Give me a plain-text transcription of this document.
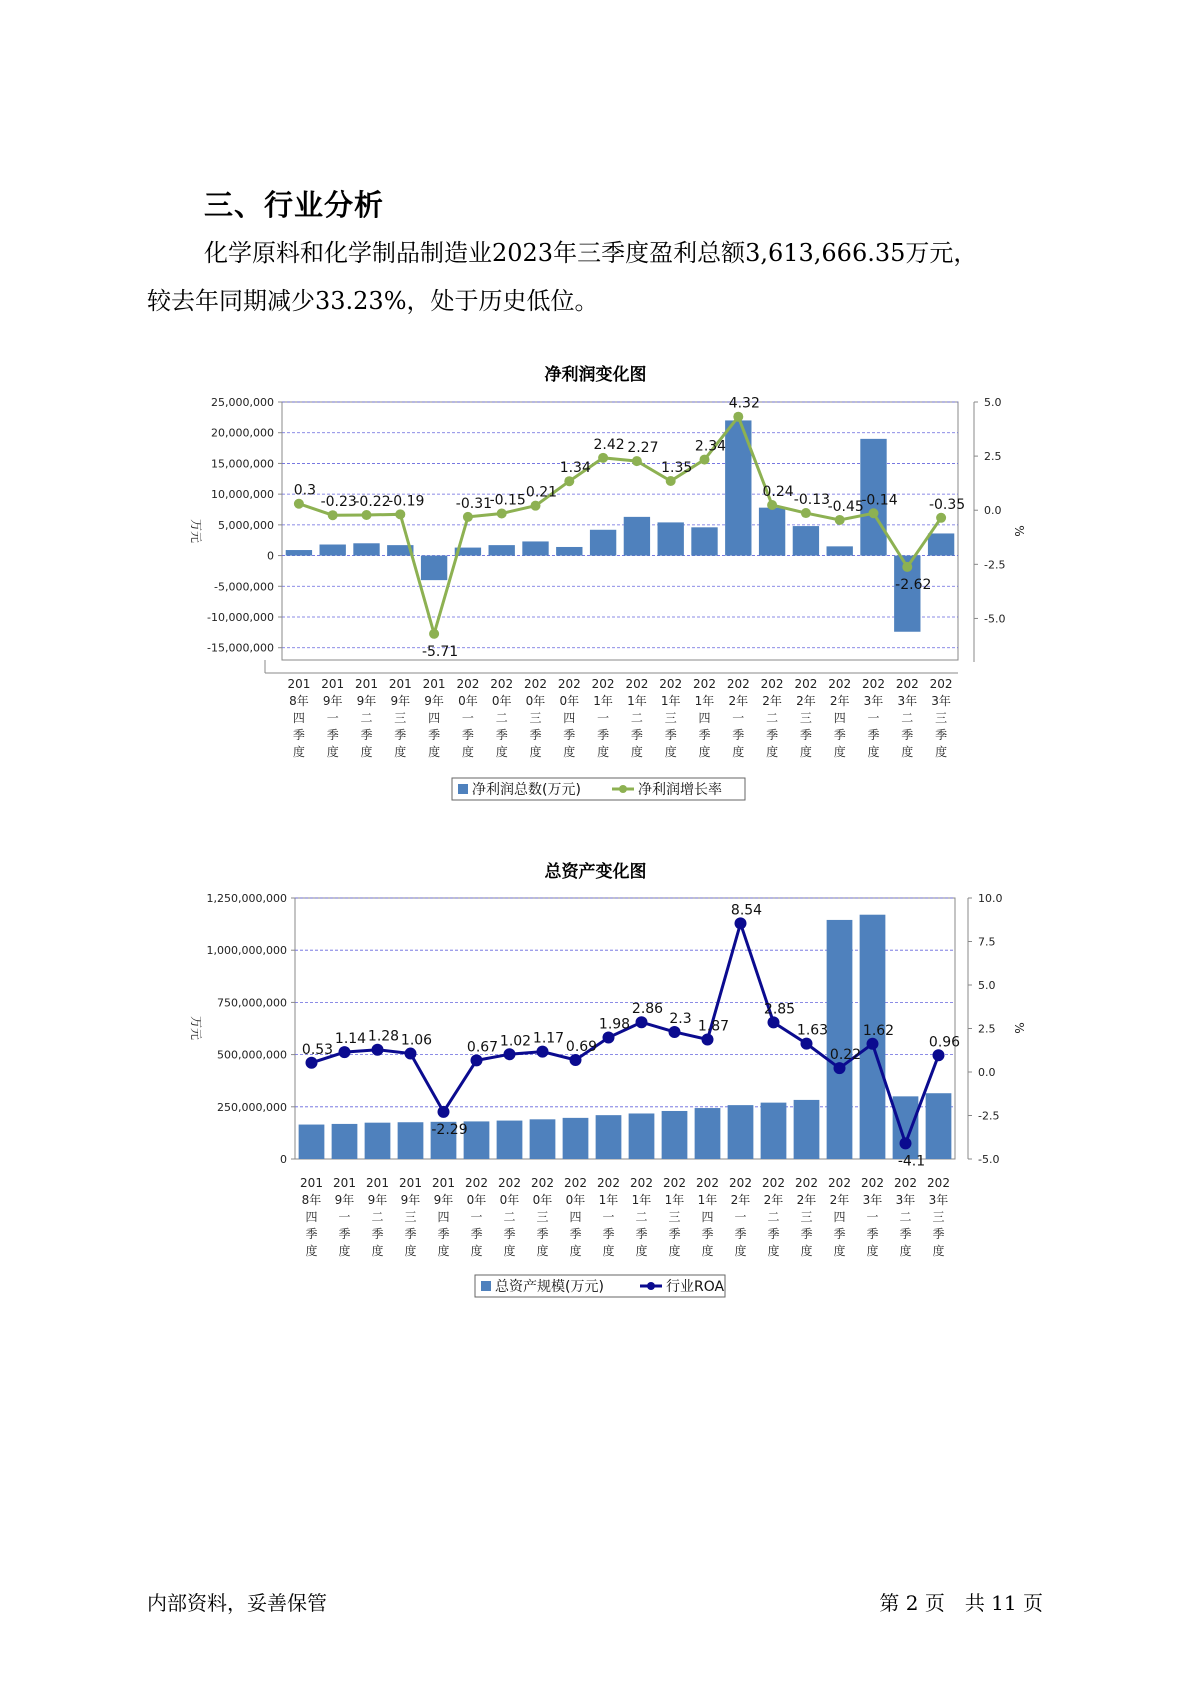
三、行业分析
化学原料和化学制品制造业2023年三季度盈利总额3,613,666.35万元，
较去年同期减少33.23%，处于历史低位。
净利润变化图
25,000,000
20,000,000
15,000,000
10,000,000
5,000,000
0
-5,000,000
-10,000,000
-15,000,000
5.0
2.5
0.0
-2.5
-5.0
万元	%
0.3
-0.23
-0.22
-0.19
-5.71
-0.31
-0.15 0.21
1.34
2.42 2.27
1.35
2.34
4.32
0.24
-0.13
-0.45
-0.14
-2.62
-0.35
201
8年
四
季
度
201
9年
一
季
度
201
9年
二
季
度
201
9年
三
季
度
201
9年
四
季
度
202
0年
一
季
度
202
0年
二
季
度
202
0年
三
季
度
202
0年
四
季
度
202
1年
一
季
度
202
1年
二
季
度
202
1年
三
季
度
202
1年
四
季
度
202
2年
一
季
度
202
2年
二
季
度
202
2年
三
季
度
202
2年
四
季
度
202
3年
一
季
度
202
3年
二
季
度
202
3年
三
季
度
净利润总数(万元)	净利润增长率
总资产变化图
1,250,000,000
1,000,000,000
750,000,000
500,000,000
250,000,000
0
10.0
7.5
5.0
2.5
0.0
-2.5
-5.0
万元	%
0.53
1.14 1.28 1.06
-2.29
0.67 1.02 1.17
0.69
1.98
2.86
2.3 1.87
8.54
2.85
1.63
0.22
1.62
-4.1
0.96
201
8年
四
季
度
201
9年
一
季
度
201
9年
二
季
度
201
9年
三
季
度
201
9年
四
季
度
202
0年
一
季
度
202
0年
二
季
度
202
0年
三
季
度
202
0年
四
季
度
202
1年
一
季
度
202
1年
二
季
度
202
1年
三
季
度
202
1年
四
季
度
202
2年
一
季
度
202
2年
二
季
度
202
2年
三
季
度
202
2年
四
季
度
202
3年
一
季
度
202
3年
二
季
度
202
3年
三
季
度
总资产规模(万元)	行业ROA
内部资料，妥善保管	第 2 页　共 11 页
